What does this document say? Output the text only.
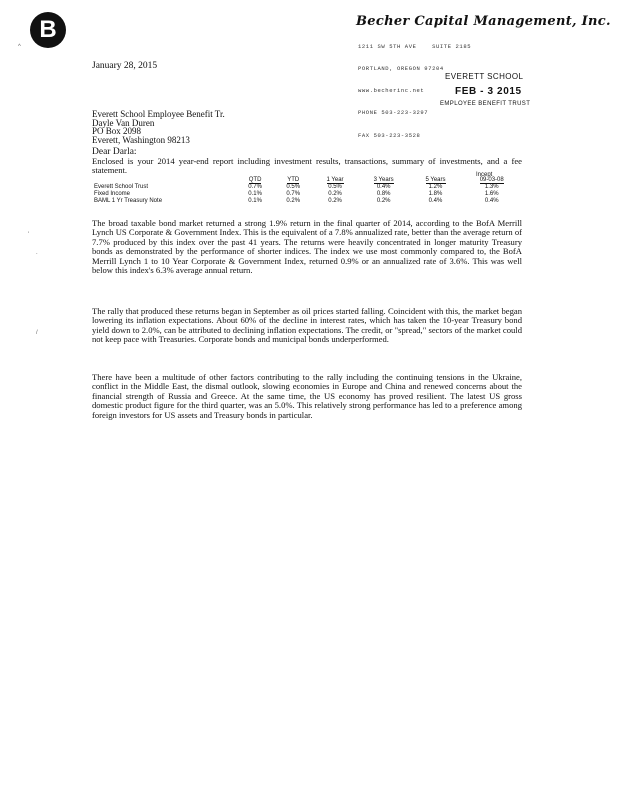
B	Becher Capital Management, Inc.

1211 SW 5TH AVE    SUITE 2185

PORTLAND, OREGON 97204

www.becherinc.net

PHONE 503-223-3297

FAX 503-223-3528

January 28, 2015
EVERETT SCHOOL
FEB - 3 2015
EMPLOYEE BENEFIT TRUST
Everett School Employee Benefit Tr.
Dayle Van Duren
PO Box 2098
Everett, Washington 98213
Dear Darla:
Enclosed is your 2014 year-end report including investment results, transactions, summary of investments, and a fee statement.	Incept
	QTD	YTD	1 Year	3 Years	5 Years	09-03-08
Everett School Trust	0.7%	0.5%	0.5%	0.4%	1.2%	1.3%
Fixed Income	0.1%	0.7%	0.2%	0.8%	1.8%	1.6%
BAML 1 Yr Treasury Note	0.1%	0.2%	0.2%	0.2%	0.4%	0.4%
The broad taxable bond market returned a strong 1.9% return in the final quarter of 2014, according to the BofA Merrill Lynch US Corporate & Government Index. This is the equivalent of a 7.8% annualized rate, better than the average return of 7.7% produced by this index over the past 41 years. The returns were heavily concentrated in longer maturity Treasury bonds as demonstrated by the performance of shorter indices. The index we use most commonly compared to, the BofA Merrill Lynch 1 to 10 Year Corporate & Government Index, returned 0.9% or an annualized rate of 3.6%. This was well below this index's 6.3% average annual return.
The rally that produced these returns began in September as oil prices started falling. Coincident with this, the market began lowering its inflation expectations. About 60% of the decline in interest rates, which has taken the 10-year Treasury bond yield down to 2.0%, can be attributed to declining inflation expectations. The credit, or "spread," sectors of the market could not keep pace with Treasuries. Corporate bonds and municipal bonds underperformed.
There have been a multitude of other factors contributing to the rally including the continuing tensions in the Ukraine, conflict in the Middle East, the dismal outlook, slowing economies in Europe and China and renewed concerns about the financial strength of Russia and Greece. At the same time, the US economy has proved resilient. The latest US gross domestic product figure for the third quarter, was an 5.0%. This relatively strong performance has led to a preference among foreign investors for US assets and Treasury bonds in particular.
^
'
.
/
